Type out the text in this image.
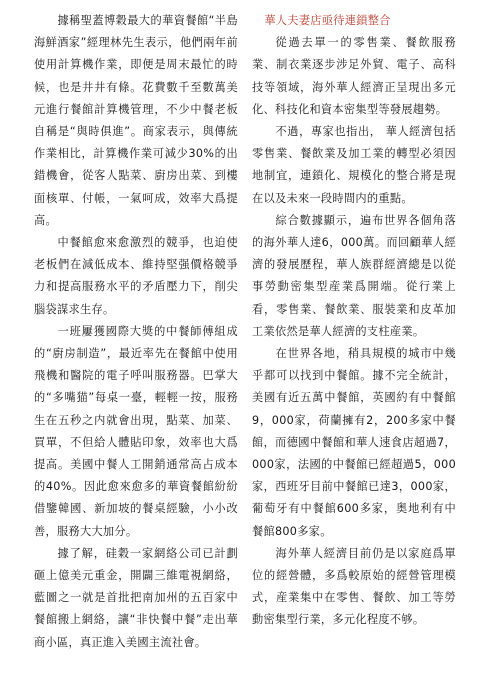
據稱聖蓋博穀最大的華資餐館“半島海鮮酒家”經理林先生表示，他們兩年前使用計算機作業，即便是周末最忙的時候，也是井井有條。花費數千至數萬美元進行餐館計算機管理，不少中餐老板自稱是“與時俱進”。商家表示，與傳統作業相比，計算機作業可減少30%的出錯機會，從客人點菜、廚房出菜、到樓面核單、付帳，一氣呵成，效率大爲提高。

中餐館愈來愈激烈的競爭，也迫使老板們在減低成本、維持堅强價格競爭力和提高服務水平的矛盾壓力下，削尖腦袋謀求生存。

一班屢獲國際大獎的中餐師傅組成的“廚房制造”，最近率先在餐館中使用飛機和醫院的電子呼叫服務器。巴掌大的“多嘴猫”每桌一臺，輕輕一按，服務生在五秒之内就會出現，點菜、加菜、買單，不但給人體貼印象，效率也大爲提高。美國中餐人工開銷通常高占成本的40%。因此愈來愈多的華資餐館紛紛借鑒韓國、新加坡的餐桌經驗，小小改善，服務大大加分。

據了解，硅穀一家網絡公司已計劃砸上億美元重金，開闢三維電視網絡，藍圖之一就是首批把南加州的五百家中餐館搬上網絡，讓“非快餐中餐”走出華商小區，真正進入美國主流社會。

華人夫妻店亟待連鎖整合

從過去單一的零售業、餐飲服務業、制衣業逐步涉足外貿、電子、高科技等領域，海外華人經濟正呈現出多元化、科技化和資本密集型等發展趨勢。

不過，專家也指出， 華人經濟包括零售業、餐飲業及加工業的轉型必須因地制宜，連鎖化、規模化的整合將是現在以及未來一段時間内的重點。

綜合數據顯示，遍布世界各個角落的海外華人達6，000萬。而回顧華人經濟的發展歷程，華人族群經濟總是以從事勞動密集型産業爲開端。從行業上看，零售業、餐飲業、服裝業和皮革加工業依然是華人經濟的支柱産業。

在世界各地，稍具規模的城市中幾乎都可以找到中餐館。據不完全統計，美國有近五萬中餐館，英國約有中餐館9，000家，荷蘭擁有2，200多家中餐館，而德國中餐館和華人速食店超過7，000家，法國的中餐館已經超過5，000家，西班牙目前中餐館已達3，000家，葡萄牙有中餐館600多家，奥地利有中餐館800多家。

海外華人經濟目前仍是以家庭爲單位的經營體，多爲較原始的經營管理模式，産業集中在零售、餐飲、加工等勞動密集型行業，多元化程度不够。
